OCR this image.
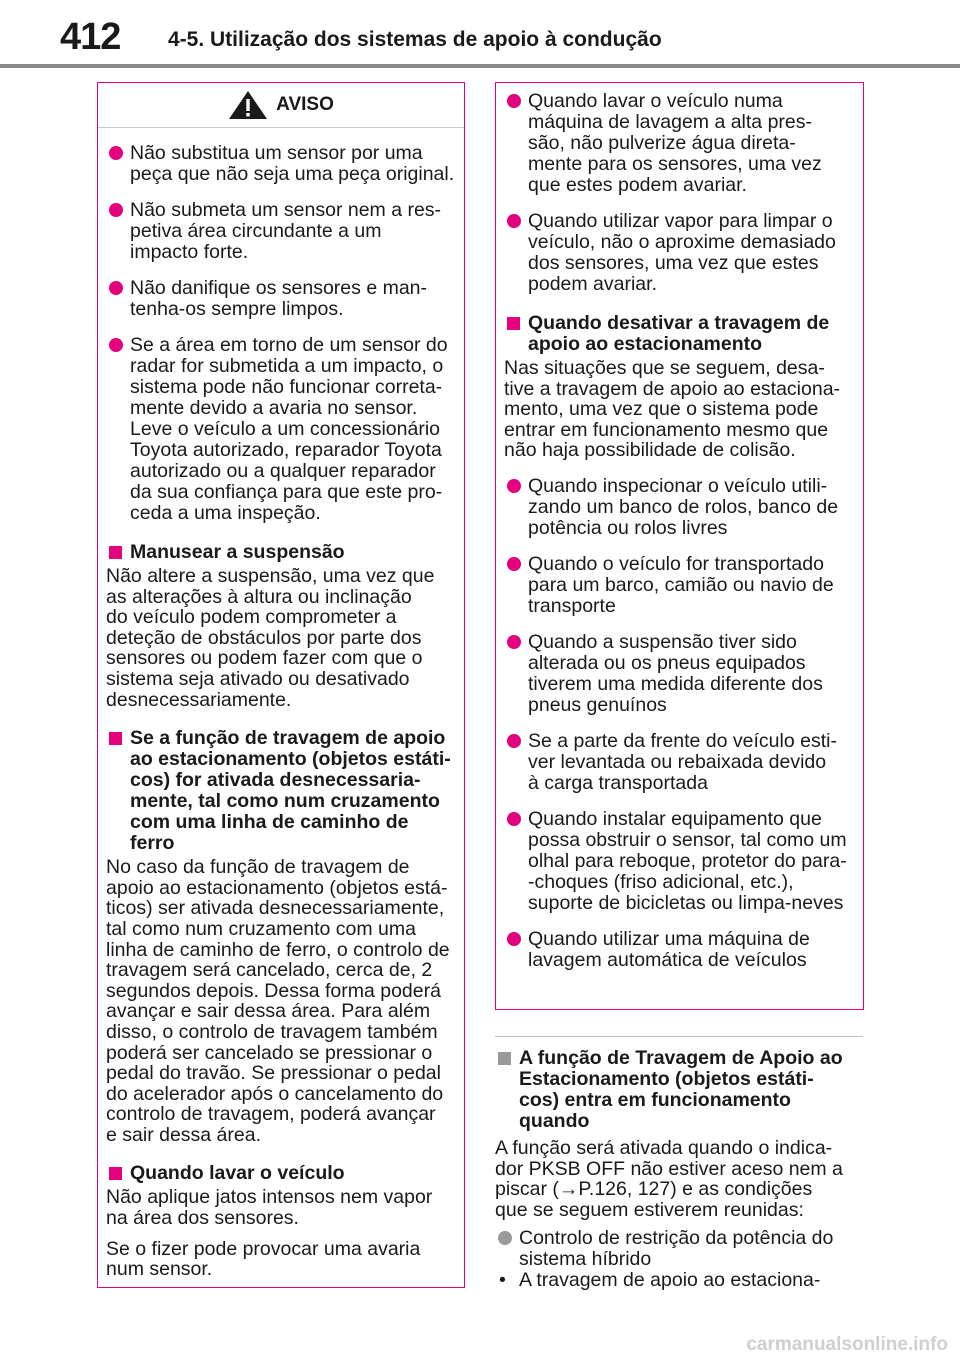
412 4-5. Utilização dos sistemas de apoio à condução
AVISO
Não substitua um sensor por uma
peça que não seja uma peça original.
Não submeta um sensor nem a res-
petiva área circundante a um
impacto forte.
Não danifique os sensores e man-
tenha-os sempre limpos.
Se a área em torno de um sensor do
radar for submetida a um impacto, o
sistema pode não funcionar correta-
mente devido a avaria no sensor.
Leve o veículo a um concessionário
Toyota autorizado, reparador Toyota
autorizado ou a qualquer reparador
da sua confiança para que este pro-
ceda a uma inspeção.
Manusear a suspensão
Não altere a suspensão, uma vez que
as alterações à altura ou inclinação
do veículo podem comprometer a
deteção de obstáculos por parte dos
sensores ou podem fazer com que o
sistema seja ativado ou desativado
desnecessariamente.
Se a função de travagem de apoio
ao estacionamento (objetos estáti-
cos) for ativada desnecessaria-
mente, tal como num cruzamento
com uma linha de caminho de ferro
No caso da função de travagem de
apoio ao estacionamento (objetos está-
ticos) ser ativada desnecessariamente,
tal como num cruzamento com uma
linha de caminho de ferro, o controlo de
travagem será cancelado, cerca de, 2
segundos depois. Dessa forma poderá
avançar e sair dessa área. Para além
disso, o controlo de travagem também
poderá ser cancelado se pressionar o
pedal do travão. Se pressionar o pedal
do acelerador após o cancelamento do
controlo de travagem, poderá avançar
e sair dessa área.
Quando lavar o veículo
Não aplique jatos intensos nem vapor
na área dos sensores.
Se o fizer pode provocar uma avaria
num sensor.
Quando lavar o veículo numa
máquina de lavagem a alta pres-
são, não pulverize água direta-
mente para os sensores, uma vez
que estes podem avariar.
Quando utilizar vapor para limpar o
veículo, não o aproxime demasiado
dos sensores, uma vez que estes
podem avariar.
Quando desativar a travagem de
apoio ao estacionamento
Nas situações que se seguem, desa-
tive a travagem de apoio ao estaciona-
mento, uma vez que o sistema pode
entrar em funcionamento mesmo que
não haja possibilidade de colisão.
Quando inspecionar o veículo utili-
zando um banco de rolos, banco de
potência ou rolos livres
Quando o veículo for transportado
para um barco, camião ou navio de
transporte
Quando a suspensão tiver sido
alterada ou os pneus equipados
tiverem uma medida diferente dos
pneus genuínos
Se a parte da frente do veículo esti-
ver levantada ou rebaixada devido
à carga transportada
Quando instalar equipamento que
possa obstruir o sensor, tal como um
olhal para reboque, protetor do para-
-choques (friso adicional, etc.),
suporte de bicicletas ou limpa-neves
Quando utilizar uma máquina de
lavagem automática de veículos
A função de Travagem de Apoio ao
Estacionamento (objetos estáti-
cos) entra em funcionamento
quando
A função será ativada quando o indica-
dor PKSB OFF não estiver aceso nem a
piscar (→P.126, 127) e as condições
que se seguem estiverem reunidas:
Controlo de restrição da potência do
sistema híbrido
• A travagem de apoio ao estaciona-
carmanualsonline.info
